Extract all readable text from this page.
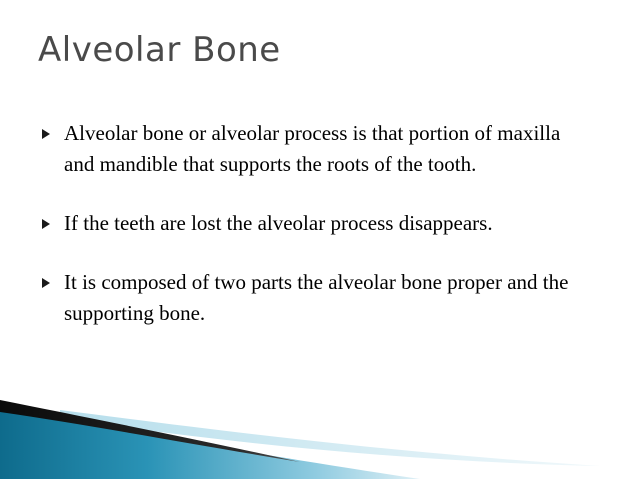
Alveolar Bone
Alveolar bone or alveolar process is that portion of maxilla and mandible that supports the roots of the tooth.
If the teeth are lost the alveolar process disappears.
It is composed of two parts the alveolar bone proper and the supporting bone.
